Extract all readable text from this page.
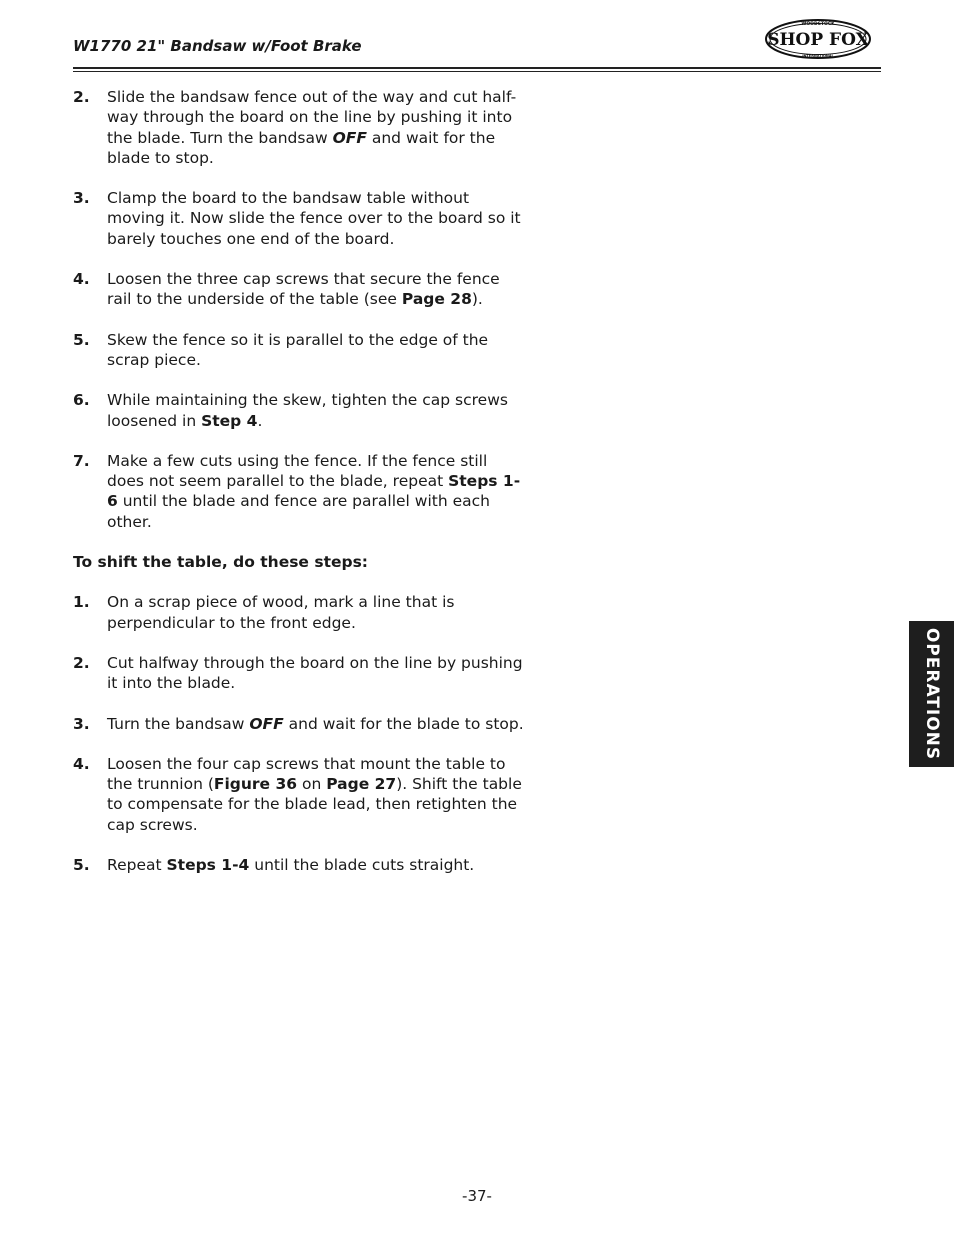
W1770 21" Bandsaw w/Foot Brake
WOODSTOCK
SHOP FOX
INTERNATIONAL
2. Slide the bandsaw fence out of the way and cut half-way through the board on the line by pushing it into the blade. Turn the bandsaw OFF and wait for the blade to stop.
3. Clamp the board to the bandsaw table without moving it. Now slide the fence over to the board so it barely touches one end of the board.
4. Loosen the three cap screws that secure the fence rail to the underside of the table (see Page 28).
5. Skew the fence so it is parallel to the edge of the scrap piece.
6. While maintaining the skew, tighten the cap screws loosened in Step 4.
7. Make a few cuts using the fence. If the fence still does not seem parallel to the blade, repeat Steps 1-6 until the blade and fence are parallel with each other.
To shift the table, do these steps:
1. On a scrap piece of wood, mark a line that is perpendicular to the front edge.
2. Cut halfway through the board on the line by pushing it into the blade.
3. Turn the bandsaw OFF and wait for the blade to stop.
4. Loosen the four cap screws that mount the table to the trunnion (Figure 36 on Page 27). Shift the table to compensate for the blade lead, then retighten the cap screws.
5. Repeat Steps 1-4 until the blade cuts straight.
OPERATIONS
-37-
